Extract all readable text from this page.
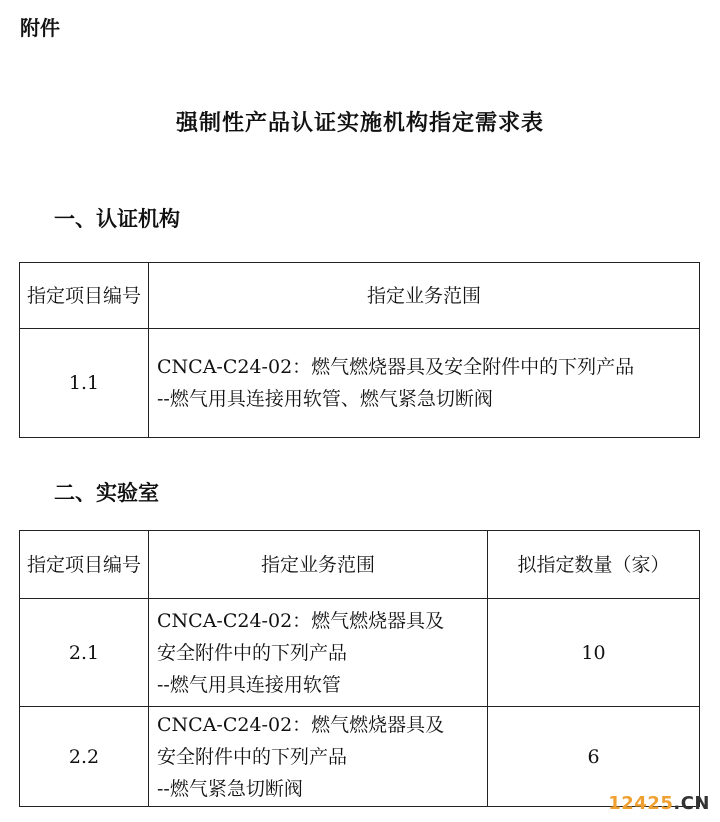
附件
强制性产品认证实施机构指定需求表
一、认证机构
指定项目编号	指定业务范围
1.1	CNCA-C24-02：燃气燃烧器具及安全附件中的下列产品
--燃气用具连接用软管、燃气紧急切断阀
二、实验室
指定项目编号	指定业务范围	拟指定数量（家）
2.1	CNCA-C24-02：燃气燃烧器具及
安全附件中的下列产品
--燃气用具连接用软管	10
2.2	CNCA-C24-02：燃气燃烧器具及
安全附件中的下列产品
--燃气紧急切断阀	6
12425.CN
